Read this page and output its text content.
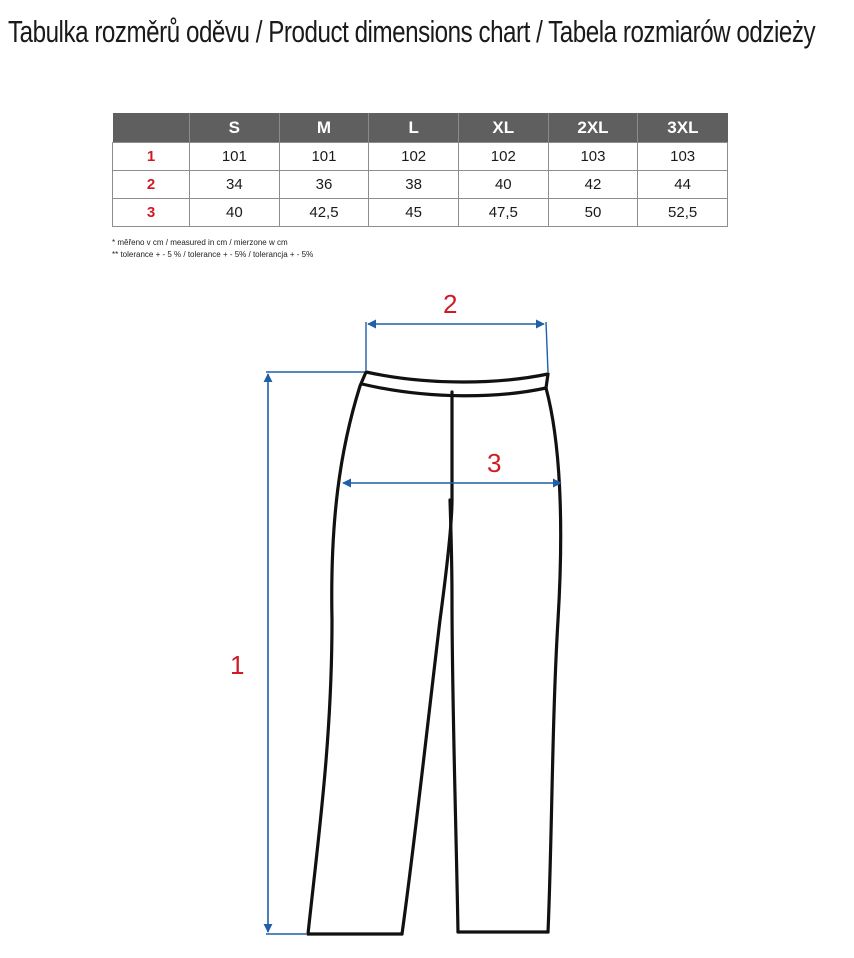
Tabulka rozměrů oděvu / Product dimensions chart / Tabela rozmiarów odzieży
	S	M	L	XL	2XL	3XL
1	101	101	102	102	103	103
2	34	36	38	40	42	44
3	40	42,5	45	47,5	50	52,5
* měřeno v cm / measured in cm / mierzone w cm
** tolerance + - 5 % / tolerance + - 5% / tolerancja + - 5%
1
2
3
